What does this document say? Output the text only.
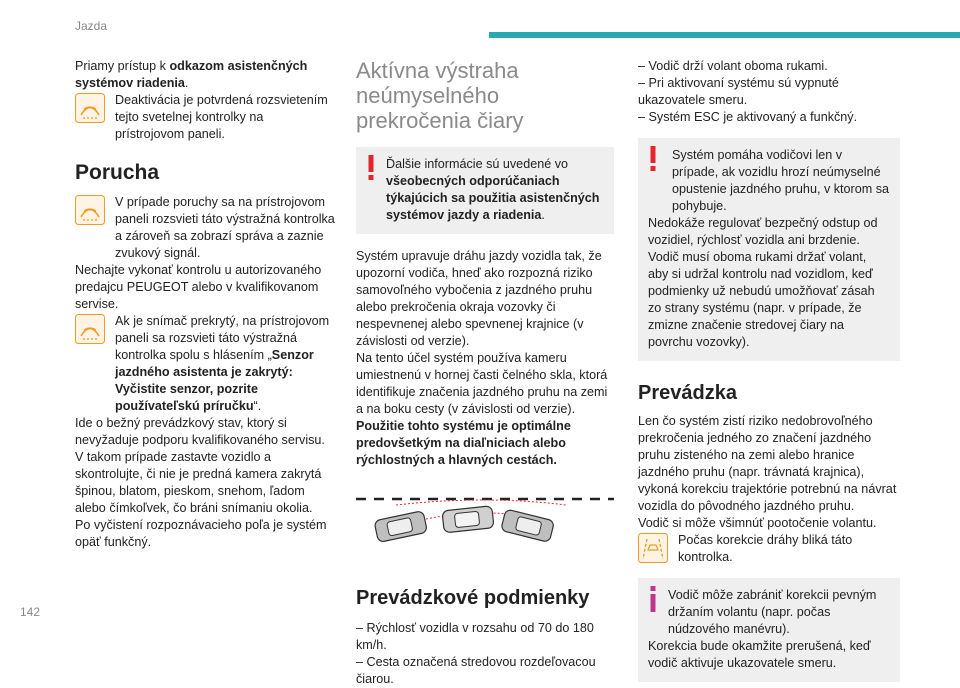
Jazda
142

Priamy prístup k odkazom asistenčných systémov riadenia.

Deaktivácia je potvrdená rozsvietením tejto svetelnej kontrolky na prístrojovom paneli.

Porucha

V prípade poruchy sa na prístrojovom paneli rozsvieti táto výstražná kontrolka a zároveň sa zobrazí správa a zaznie zvukový signál.

Nechajte vykonať kontrolu u autorizovaného predajcu PEUGEOT alebo v kvalifikovanom servise.

Ak je snímač prekrytý, na prístrojovom paneli sa rozsvieti táto výstražná kontrolka spolu s hlásením „Senzor jazdného asistenta je zakrytý: Vyčistite senzor, pozrite používateľskú príručku“.

Ide o bežný prevádzkový stav, ktorý si nevyžaduje podporu kvalifikovaného servisu.

V takom prípade zastavte vozidlo a skontrolujte, či nie je predná kamera zakrytá špinou, blatom, pieskom, snehom, ľadom alebo čímkoľvek, čo bráni snímaniu okolia.

Po vyčistení rozpoznávacieho poľa je systém opäť funkčný.

Aktívna výstraha neúmyselného prekročenia čiary

Ďalšie informácie sú uvedené vo všeobecných odporúčaniach týkajúcich sa použitia asistenčných systémov jazdy a riadenia.

Systém upravuje dráhu jazdy vozidla tak, že upozorní vodiča, hneď ako rozpozná riziko samovoľného vybočenia z jazdného pruhu alebo prekročenia okraja vozovky či nespevnenej alebo spevnenej krajnice (v závislosti od verzie).

Na tento účel systém používa kameru umiestnenú v hornej časti čelného skla, ktorá identifikuje značenia jazdného pruhu na zemi a na boku cesty (v závislosti od verzie).

Použitie tohto systému je optimálne predovšetkým na diaľniciach alebo rýchlostných a hlavných cestách.

Prevádzkové podmienky
– Rýchlosť vozidla v rozsahu od 70 do 180 km/h.
– Cesta označená stredovou rozdeľovacou čiarou.
– Vodič drží volant oboma rukami.
– Pri aktivovaní systému sú vypnuté ukazovatele smeru.
– Systém ESC je aktivovaný a funkčný.

Systém pomáha vodičovi len v prípade, ak vozidlu hrozí neúmyselné opustenie jazdného pruhu, v ktorom sa pohybuje.

Nedokáže regulovať bezpečný odstup od vozidiel, rýchlosť vozidla ani brzdenie.

Vodič musí oboma rukami držať volant, aby si udržal kontrolu nad vozidlom, keď podmienky už nebudú umožňovať zásah zo strany systému (napr. v prípade, že zmizne značenie stredovej čiary na povrchu vozovky).

Prevádzka

Len čo systém zistí riziko nedobrovoľného prekročenia jedného zo značení jazdného pruhu zisteného na zemi alebo hranice jazdného pruhu (napr. trávnatá krajnica), vykoná korekciu trajektórie potrebnú na návrat vozidla do pôvodného jazdného pruhu.

Vodič si môže všimnúť pootočenie volantu.

Počas korekcie dráhy bliká táto kontrolka.

Vodič môže zabrániť korekcii pevným držaním volantu (napr. počas núdzového manévru).

Korekcia bude okamžite prerušená, keď vodič aktivuje ukazovatele smeru.
